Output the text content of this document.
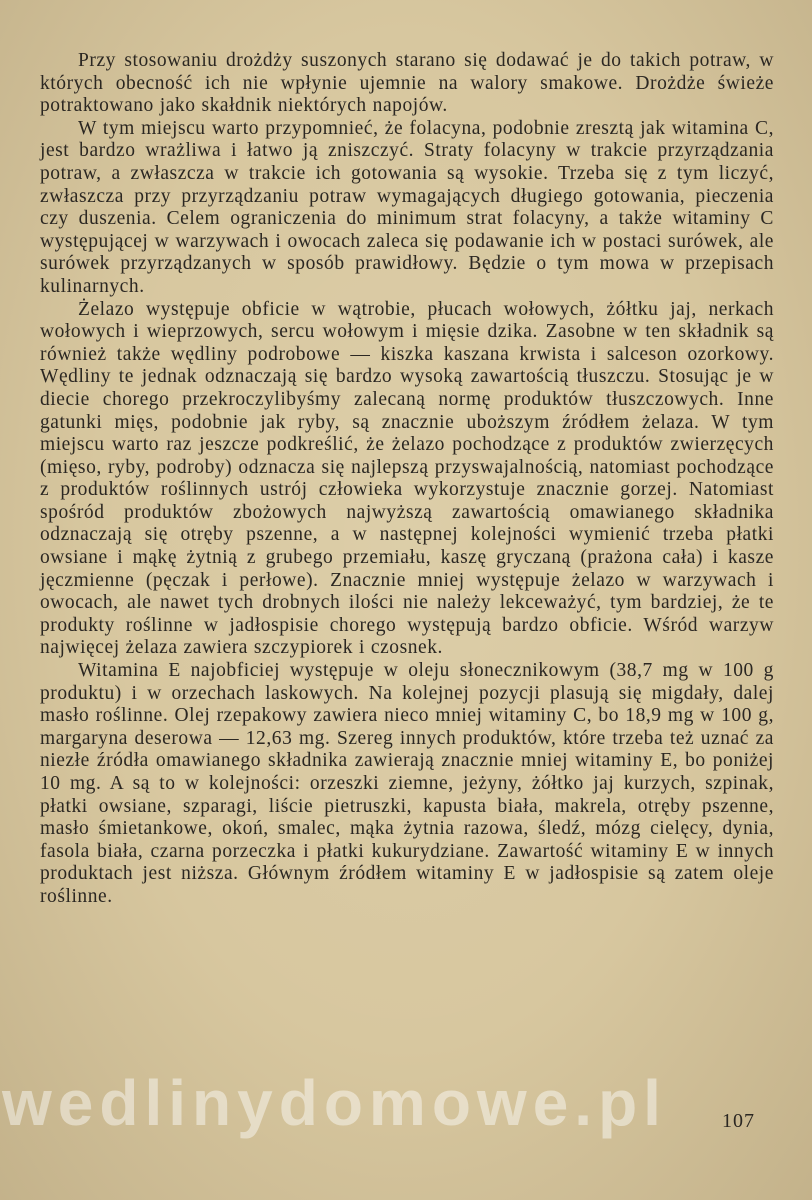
Przy stosowaniu drożdży suszonych starano się dodawać je do takich potraw, w których obecność ich nie wpłynie ujemnie na walory smakowe. Drożdże świeże potraktowano jako skałdnik niektórych napojów.

W tym miejscu warto przypomnieć, że folacyna, podobnie zresztą jak witamina C, jest bardzo wrażliwa i łatwo ją zniszczyć. Straty folacyny w trakcie przyrządzania potraw, a zwłaszcza w trakcie ich gotowania są wysokie. Trzeba się z tym liczyć, zwłaszcza przy przyrządzaniu potraw wymagających długiego gotowania, pieczenia czy duszenia. Celem ograniczenia do minimum strat folacyny, a także witaminy C występującej w warzywach i owocach zaleca się podawanie ich w postaci surówek, ale surówek przyrządzanych w sposób prawidłowy. Będzie o tym mowa w przepisach kulinarnych.

Żelazo występuje obficie w wątrobie, płucach wołowych, żółtku jaj, nerkach wołowych i wieprzowych, sercu wołowym i mięsie dzika. Zasobne w ten składnik są również także wędliny podrobowe — kiszka kaszana krwista i salceson ozorkowy. Wędliny te jednak odznaczają się bardzo wysoką zawartością tłuszczu. Stosując je w diecie chorego przekroczylibyśmy zalecaną normę produktów tłuszczowych. Inne gatunki mięs, podobnie jak ryby, są znacznie uboższym źródłem żelaza. W tym miejscu warto raz jeszcze podkreślić, że żelazo pochodzące z produktów zwierzęcych (mięso, ryby, podroby) odznacza się najlepszą przyswajalnością, natomiast pochodzące z produktów roślinnych ustrój człowieka wykorzystuje znacznie gorzej. Natomiast spośród produktów zbożowych najwyższą zawartością omawianego składnika odznaczają się otręby pszenne, a w następnej kolejności wymienić trzeba płatki owsiane i mąkę żytnią z grubego przemiału, kaszę gryczaną (prażona cała) i kasze jęczmienne (pęczak i perłowe). Znacznie mniej występuje żelazo w warzywach i owocach, ale nawet tych drobnych ilości nie należy lekceważyć, tym bardziej, że te produkty roślinne w jadłospisie chorego występują bardzo obficie. Wśród warzyw najwięcej żelaza zawiera szczypiorek i czosnek.

Witamina E najobficiej występuje w oleju słonecznikowym (38,7 mg w 100 g produktu) i w orzechach laskowych. Na kolejnej pozycji plasują się migdały, dalej masło roślinne. Olej rzepakowy zawiera nieco mniej witaminy C, bo 18,9 mg w 100 g, margaryna deserowa — 12,63 mg. Szereg innych produktów, które trzeba też uznać za niezłe źródła omawianego składnika zawierają znacznie mniej witaminy E, bo poniżej 10 mg. A są to w kolejności: orzeszki ziemne, jeżyny, żółtko jaj kurzych, szpinak, płatki owsiane, szparagi, liście pietruszki, kapusta biała, makrela, otręby pszenne, masło śmietankowe, okoń, smalec, mąka żytnia razowa, śledź, mózg cielęcy, dynia, fasola biała, czarna porzeczka i płatki kukurydziane. Zawartość witaminy E w innych produktach jest niższa. Głównym źródłem witaminy E w jadłospisie są zatem oleje roślinne.

wedlinydomowe.pl	107
